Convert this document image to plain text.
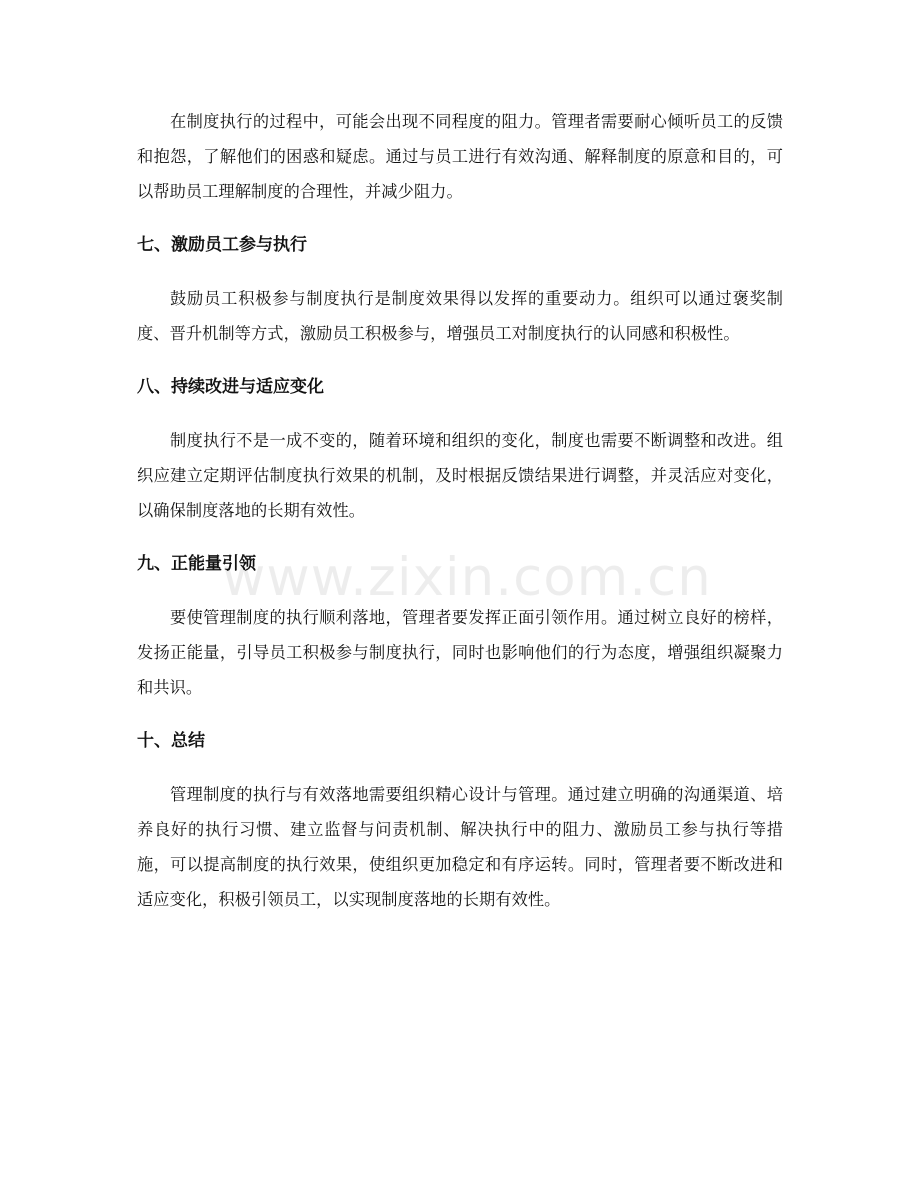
在制度执行的过程中，可能会出现不同程度的阻力。管理者需要耐心倾听员工的反馈和抱怨，了解他们的困惑和疑虑。通过与员工进行有效沟通、解释制度的原意和目的，可以帮助员工理解制度的合理性，并减少阻力。

七、激励员工参与执行

鼓励员工积极参与制度执行是制度效果得以发挥的重要动力。组织可以通过褒奖制度、晋升机制等方式，激励员工积极参与，增强员工对制度执行的认同感和积极性。

八、持续改进与适应变化

制度执行不是一成不变的，随着环境和组织的变化，制度也需要不断调整和改进。组织应建立定期评估制度执行效果的机制，及时根据反馈结果进行调整，并灵活应对变化，以确保制度落地的长期有效性。

九、正能量引领

要使管理制度的执行顺利落地，管理者要发挥正面引领作用。通过树立良好的榜样，发扬正能量，引导员工积极参与制度执行，同时也影响他们的行为态度，增强组织凝聚力和共识。

十、总结

管理制度的执行与有效落地需要组织精心设计与管理。通过建立明确的沟通渠道、培养良好的执行习惯、建立监督与问责机制、解决执行中的阻力、激励员工参与执行等措施，可以提高制度的执行效果，使组织更加稳定和有序运转。同时，管理者要不断改进和适应变化，积极引领员工，以实现制度落地的长期有效性。

www.zixin.com.cn
